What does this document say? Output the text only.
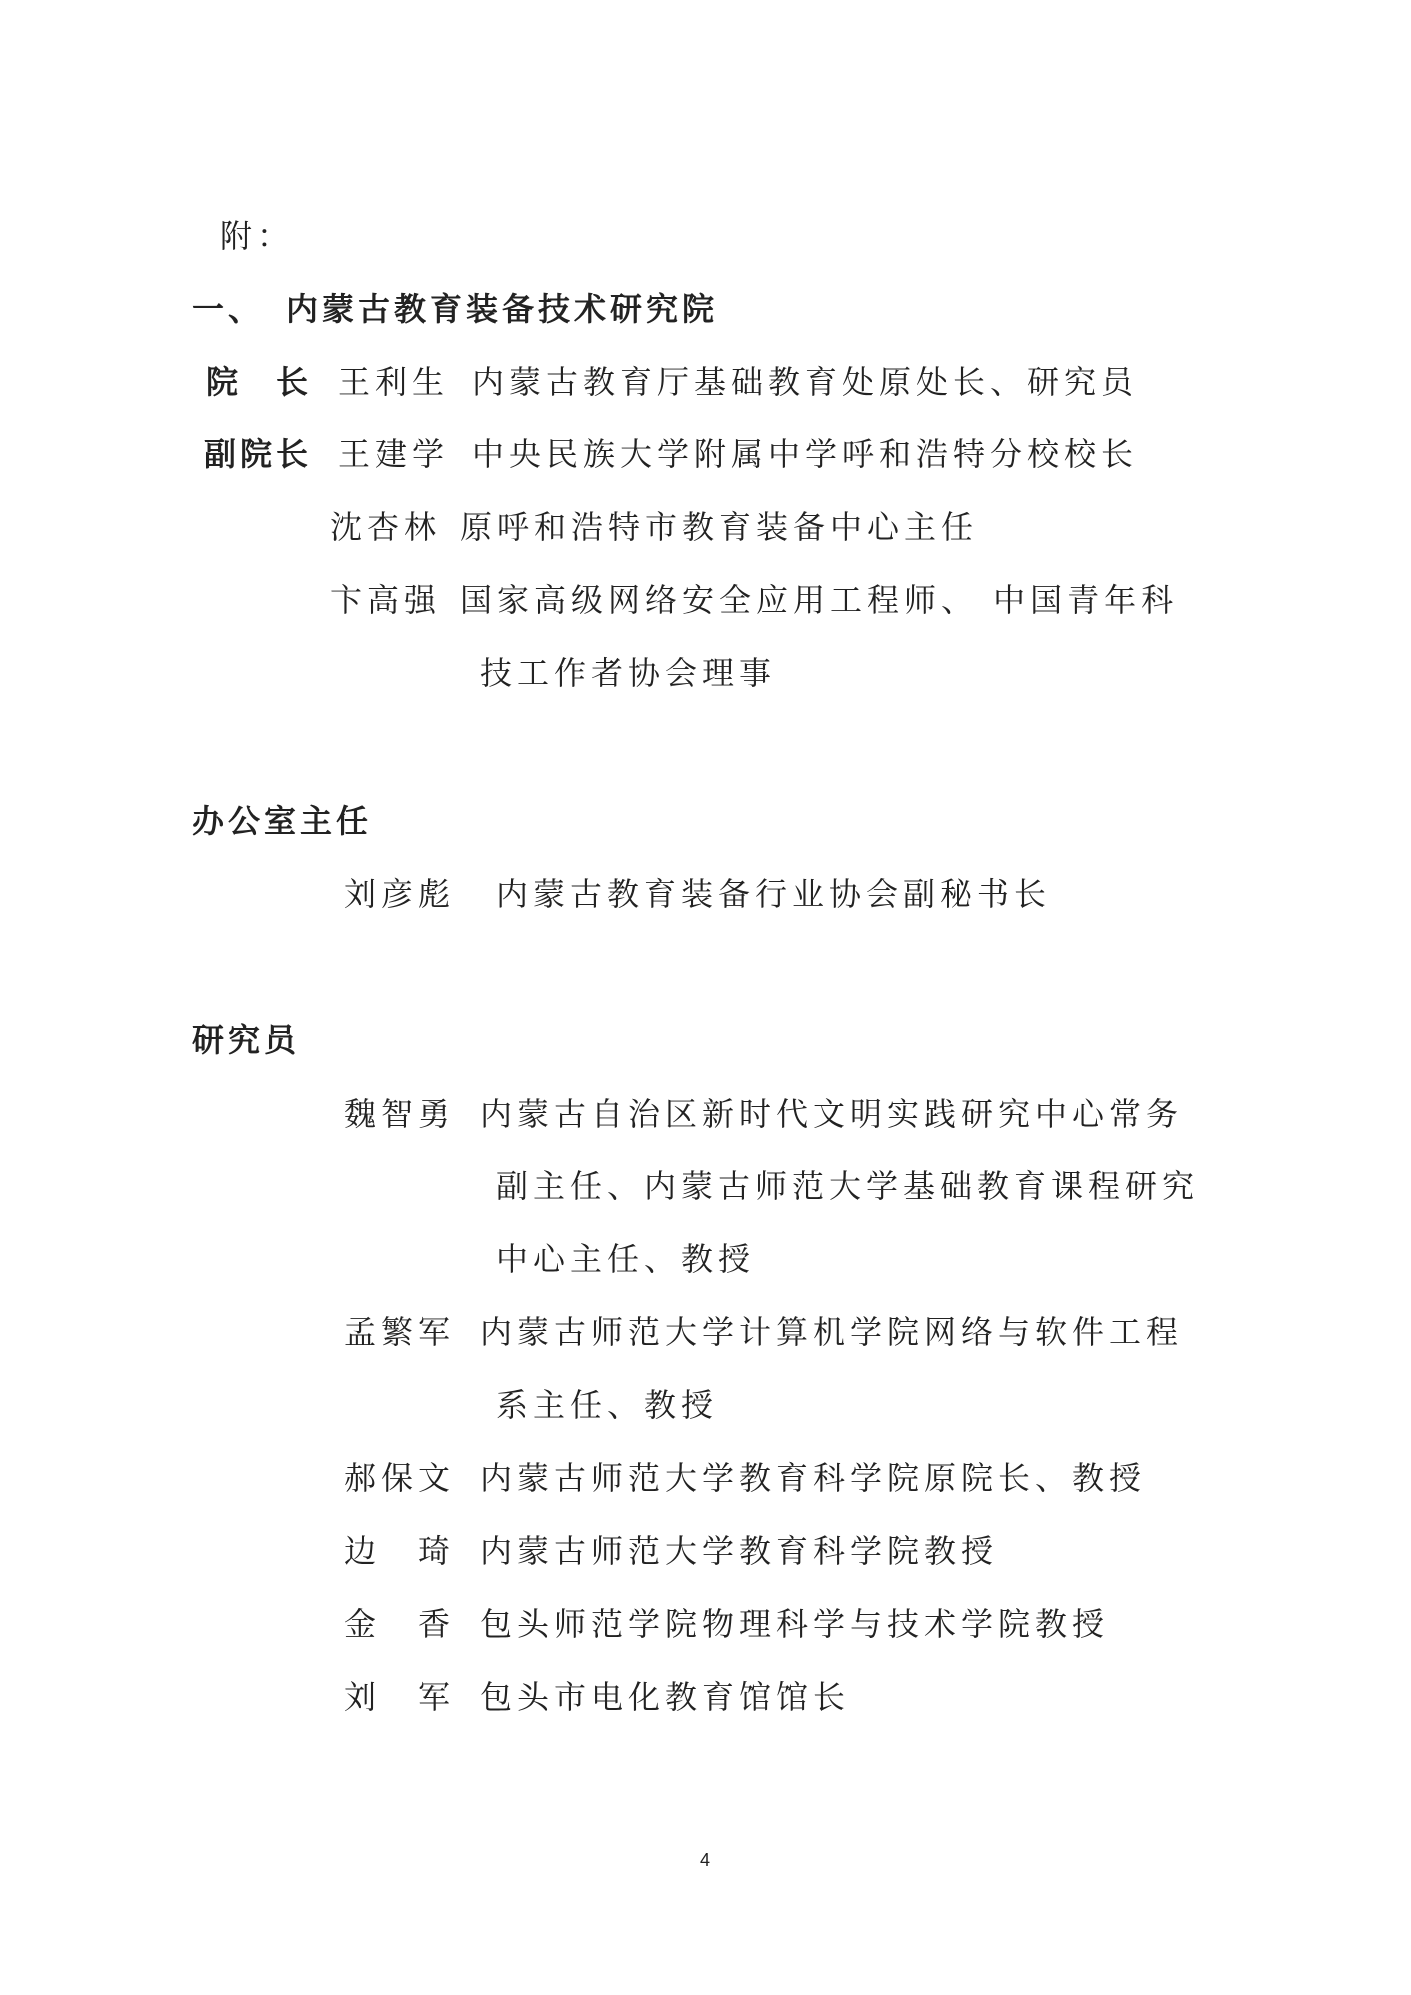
附：
一、 内蒙古教育装备技术研究院
院　长 王利生 内蒙古教育厅基础教育处原处长、研究员
副院长 王建学 中央民族大学附属中学呼和浩特分校校长
沈杏林 原呼和浩特市教育装备中心主任
卞高强 国家高级网络安全应用工程师、 中国青年科
技工作者协会理事
办公室主任
刘彦彪 内蒙古教育装备行业协会副秘书长
研究员
魏智勇 内蒙古自治区新时代文明实践研究中心常务
副主任、内蒙古师范大学基础教育课程研究
中心主任、教授
孟繁军 内蒙古师范大学计算机学院网络与软件工程
系主任、教授
郝保文 内蒙古师范大学教育科学院原院长、教授
边　琦 内蒙古师范大学教育科学院教授
金　香 包头师范学院物理科学与技术学院教授
刘　军 包头市电化教育馆馆长
4
